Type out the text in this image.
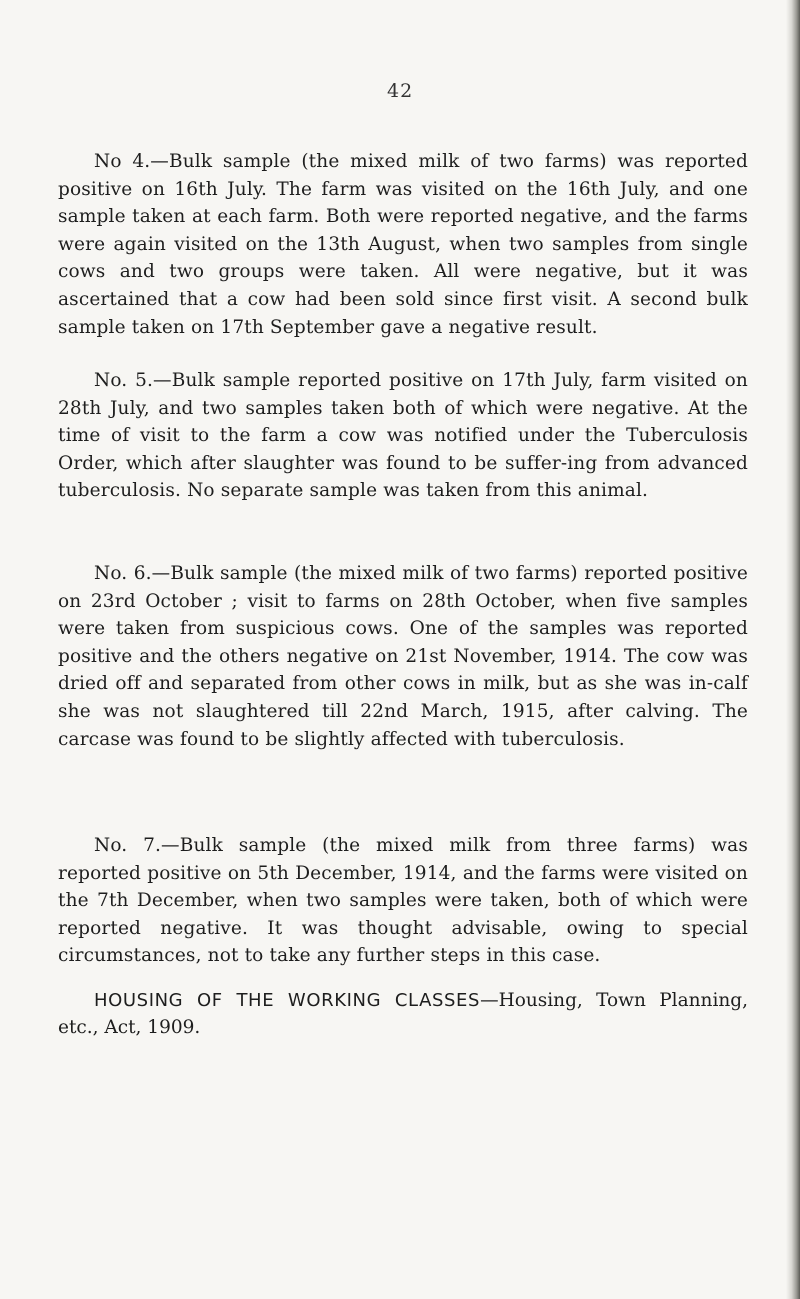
42

No 4.—Bulk sample (the mixed milk of two farms) was reported positive on 16th July. The farm was visited on the 16th July, and one sample taken at each farm. Both were reported negative, and the farms were again visited on the 13th August, when two samples from single cows and two groups were taken. All were negative, but it was ascertained that a cow had been sold since first visit. A second bulk sample taken on 17th September gave a negative result.

No. 5.—Bulk sample reported positive on 17th July, farm visited on 28th July, and two samples taken both of which were negative. At the time of visit to the farm a cow was notified under the Tuberculosis Order, which after slaughter was found to be suffer-ing from advanced tuberculosis. No separate sample was taken from this animal.

No. 6.—Bulk sample (the mixed milk of two farms) reported positive on 23rd October ; visit to farms on 28th October, when five samples were taken from suspicious cows. One of the samples was reported positive and the others negative on 21st November, 1914. The cow was dried off and separated from other cows in milk, but as she was in-calf she was not slaughtered till 22nd March, 1915, after calving. The carcase was found to be slightly affected with tuberculosis.

No. 7.—Bulk sample (the mixed milk from three farms) was reported positive on 5th December, 1914, and the farms were visited on the 7th December, when two samples were taken, both of which were reported negative. It was thought advisable, owing to special circumstances, not to take any further steps in this case.

HOUSING OF THE WORKING CLASSES—Housing, Town Planning, etc., Act, 1909.
